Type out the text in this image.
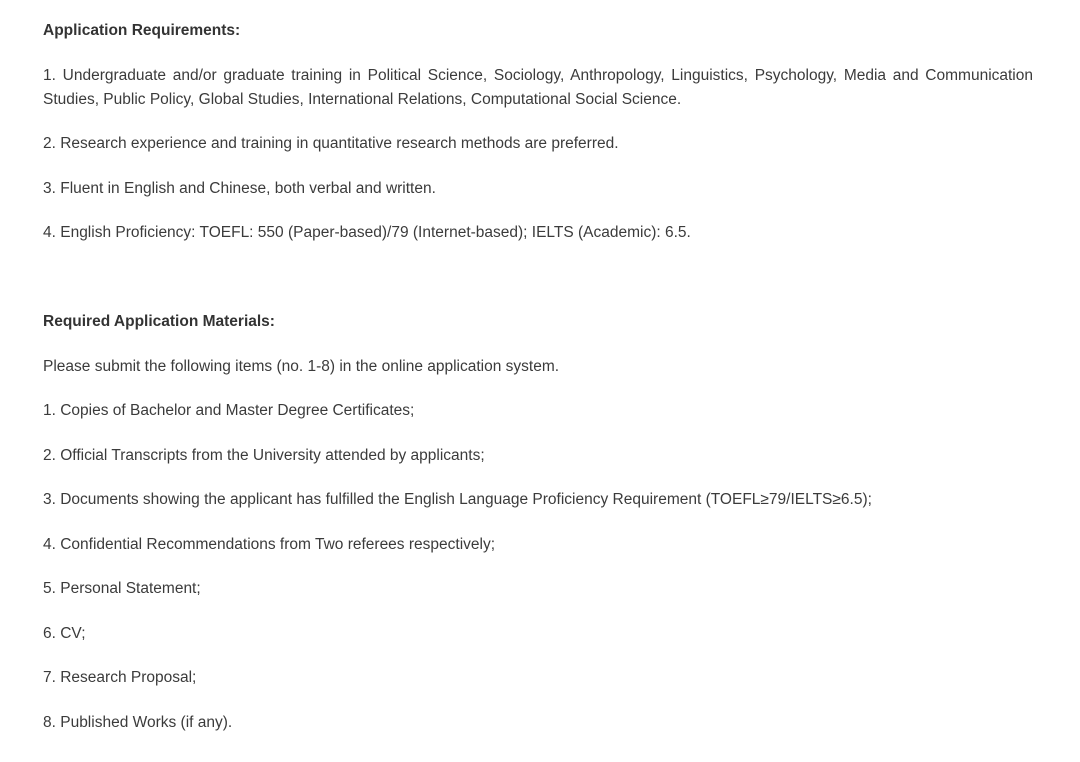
Application Requirements:

1. Undergraduate and/or graduate training in Political Science, Sociology, Anthropology, Linguistics, Psychology, Media and Communication Studies, Public Policy, Global Studies, International Relations, Computational Social Science.

2. Research experience and training in quantitative research methods are preferred.

3. Fluent in English and Chinese, both verbal and written.

4. English Proficiency: TOEFL: 550 (Paper-based)/79 (Internet-based); IELTS (Academic): 6.5.

Required Application Materials:

Please submit the following items (no. 1-8) in the online application system.

1. Copies of Bachelor and Master Degree Certificates;

2. Official Transcripts from the University attended by applicants;

3. Documents showing the applicant has fulfilled the English Language Proficiency Requirement (TOEFL≥79/IELTS≥6.5);

4. Confidential Recommendations from Two referees respectively;

5. Personal Statement;

6. CV;

7. Research Proposal;

8. Published Works (if any).
